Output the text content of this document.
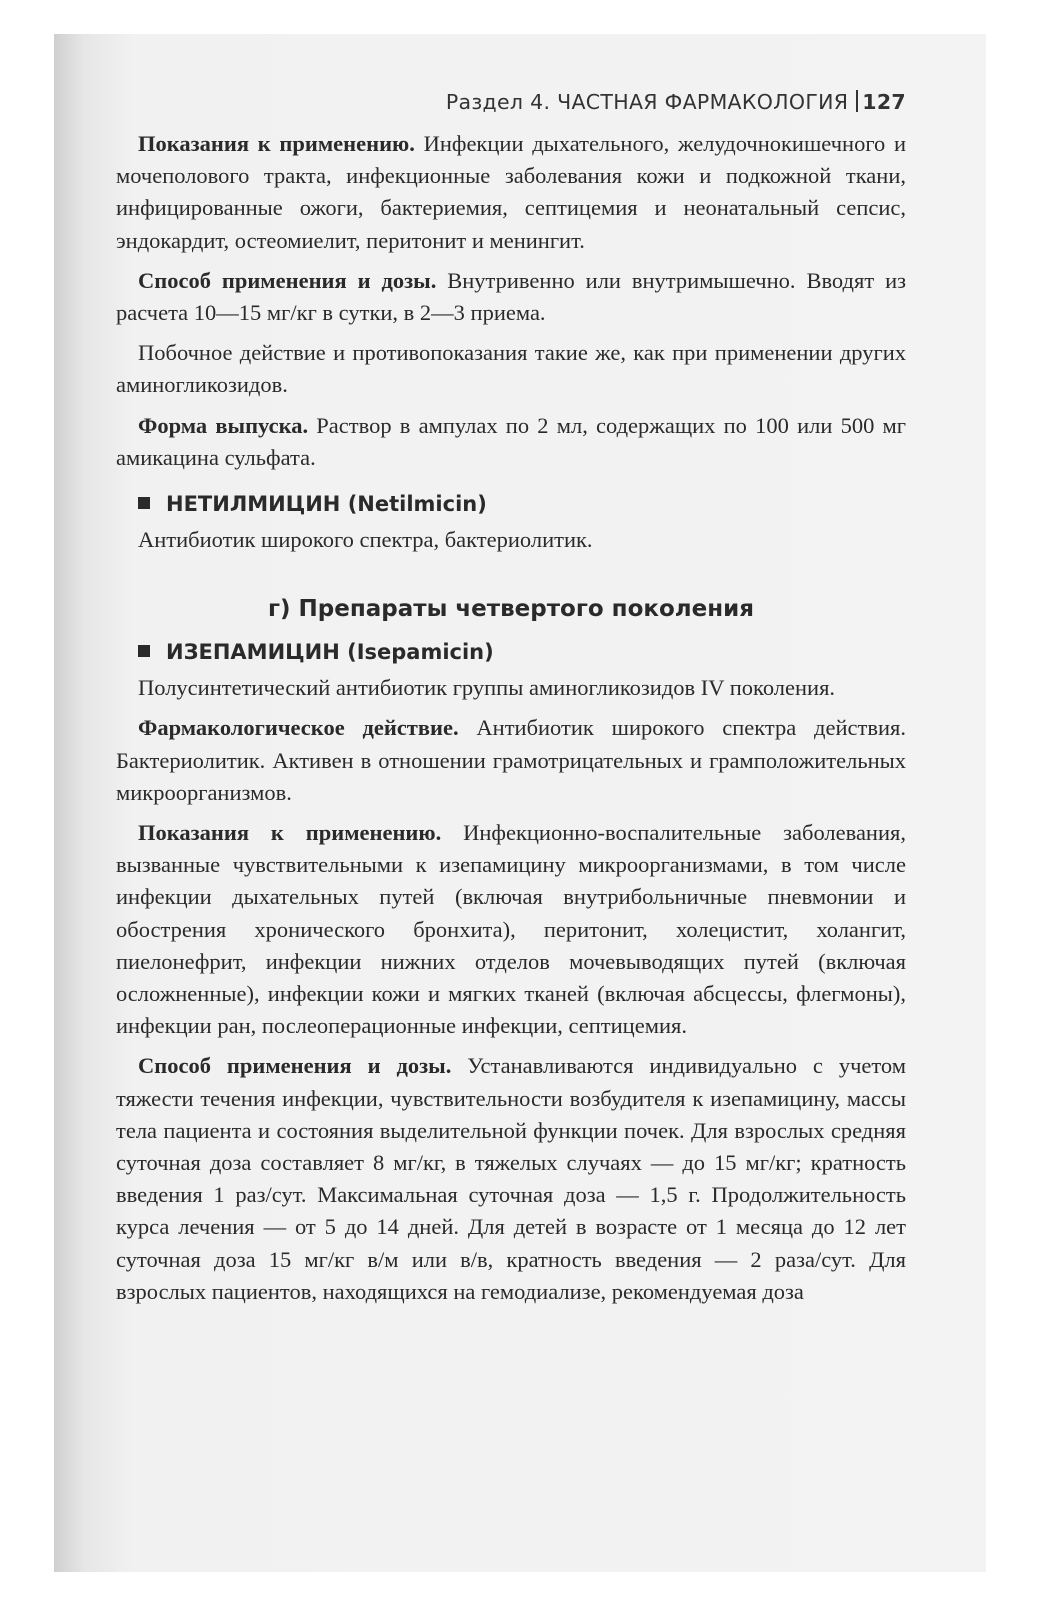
Раздел 4. ЧАСТНАЯ ФАРМАКОЛОГИЯ 127

Показания к применению. Инфекции дыхательного, желудочнокишечного и мочеполового тракта, инфекционные заболевания кожи и подкожной ткани, инфицированные ожоги, бактериемия, септицемия и неонатальный сепсис, эндокардит, остеомиелит, перитонит и менингит.

Способ применения и дозы. Внутривенно или внутримышечно. Вводят из расчета 10—15 мг/кг в сутки, в 2—3 приема.

Побочное действие и противопоказания такие же, как при применении других аминогликозидов.

Форма выпуска. Раствор в ампулах по 2 мл, содержащих по 100 или 500 мг амикацина сульфата.

НЕТИЛМИЦИН (Netilmicin)

Антибиотик широкого спектра, бактериолитик.

г) Препараты четвертого поколения
ИЗЕПАМИЦИН (Isepamicin)

Полусинтетический антибиотик группы аминогликозидов IV поколения.

Фармакологическое действие. Антибиотик широкого спектра действия. Бактериолитик. Активен в отношении грамотрицательных и грамположительных микроорганизмов.

Показания к применению. Инфекционно-воспалительные заболевания, вызванные чувствительными к изепамицину микроорганизмами, в том числе инфекции дыхательных путей (включая внутрибольничные пневмонии и обострения хронического бронхита), перитонит, холецистит, холангит, пиелонефрит, инфекции нижних отделов мочевыводящих путей (включая осложненные), инфекции кожи и мягких тканей (включая абсцессы, флегмоны), инфекции ран, послеоперационные инфекции, септицемия.

Способ применения и дозы. Устанавливаются индивидуально с учетом тяжести течения инфекции, чувствительности возбудителя к изепамицину, массы тела пациента и состояния выделительной функции почек. Для взрослых средняя суточная доза составляет 8 мг/кг, в тяжелых случаях — до 15 мг/кг; кратность введения 1 раз/сут. Максимальная суточная доза — 1,5 г. Продолжительность курса лечения — от 5 до 14 дней. Для детей в возрасте от 1 месяца до 12 лет суточная доза 15 мг/кг в/м или в/в, кратность введения — 2 раза/сут. Для взрослых пациентов, находящихся на гемодиализе, рекомендуемая доза
